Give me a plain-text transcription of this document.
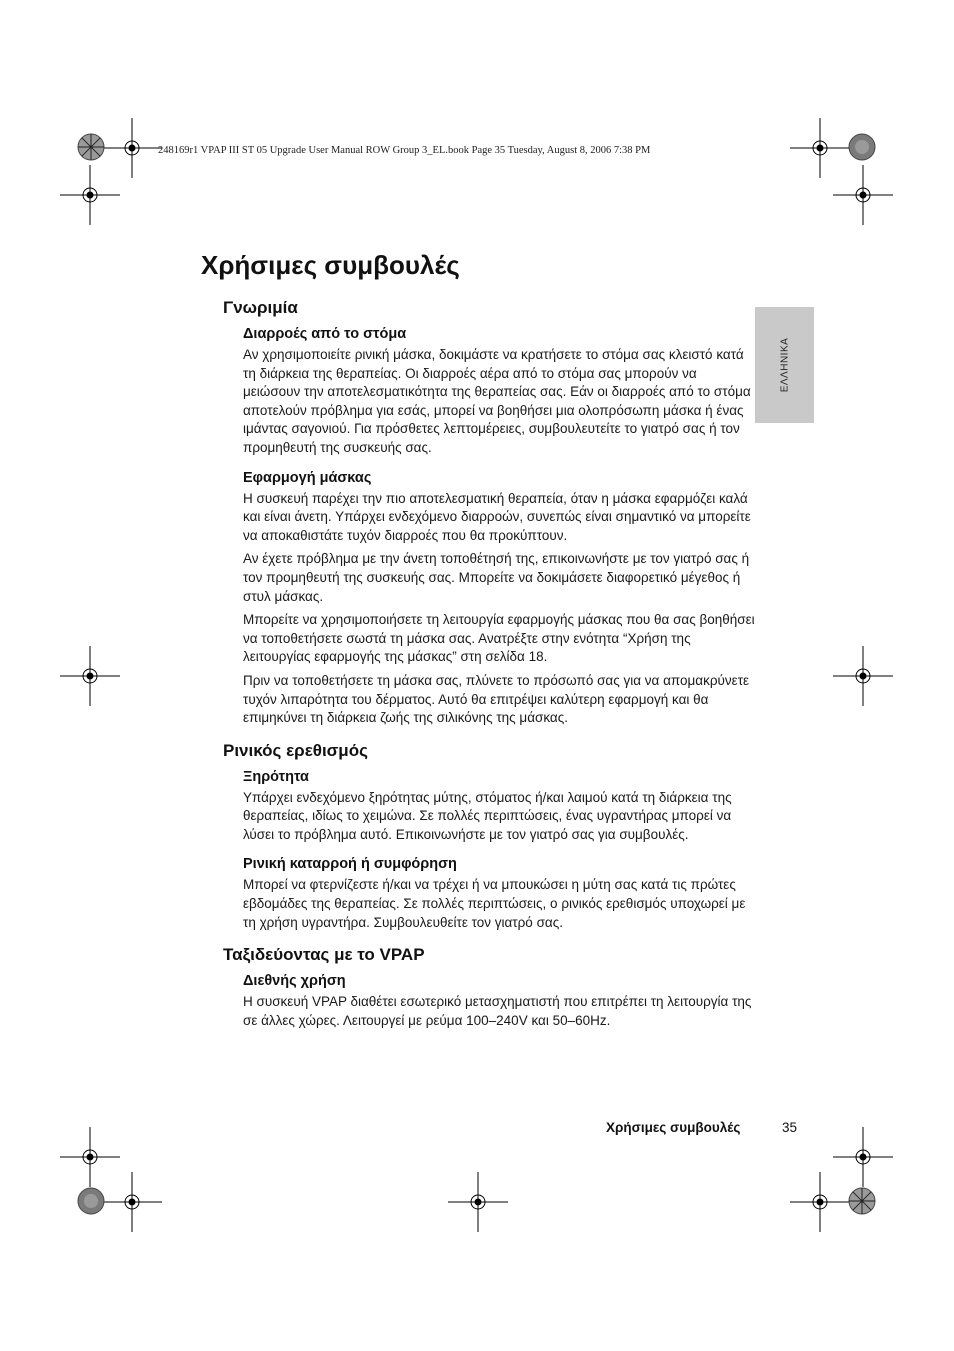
248169r1 VPAP III ST 05 Upgrade User Manual ROW Group 3_EL.book Page 35 Tuesday, August 8, 2006 7:38 PM
ΕΛΛΗΝΙΚΑ
Χρήσιμες συμβουλές
Γνωριμία
Διαρροές από το στόμα

Αν χρησιμοποιείτε ρινική μάσκα, δοκιμάστε να κρατήσετε το στόμα σας κλειστό κατά τη διάρκεια της θεραπείας. Οι διαρροές αέρα από το στόμα σας μπορούν να μειώσουν την αποτελεσματικότητα της θεραπείας σας. Εάν οι διαρροές από το στόμα αποτελούν πρόβλημα για εσάς, μπορεί να βοηθήσει μια ολοπρόσωπη μάσκα ή ένας ιμάντας σαγονιού. Για πρόσθετες λεπτομέρειες, συμβουλευτείτε το γιατρό σας ή τον προμηθευτή της συσκευής σας.

Εφαρμογή μάσκας

Η συσκευή παρέχει την πιο αποτελεσματική θεραπεία, όταν η μάσκα εφαρμόζει καλά και είναι άνετη. Υπάρχει ενδεχόμενο διαρροών, συνεπώς είναι σημαντικό να μπορείτε να αποκαθιστάτε τυχόν διαρροές που θα προκύπτουν.

Αν έχετε πρόβλημα με την άνετη τοποθέτησή της, επικοινωνήστε με τον γιατρό σας ή τον προμηθευτή της συσκευής σας. Μπορείτε να δοκιμάσετε διαφορετικό μέγεθος ή στυλ μάσκας.

Μπορείτε να χρησιμοποιήσετε τη λειτουργία εφαρμογής μάσκας που θα σας βοηθήσει να τοποθετήσετε σωστά τη μάσκα σας. Ανατρέξτε στην ενότητα “Χρήση της λειτουργίας εφαρμογής της μάσκας” στη σελίδα 18.

Πριν να τοποθετήσετε τη μάσκα σας, πλύνετε το πρόσωπό σας για να απομακρύνετε τυχόν λιπαρότητα του δέρματος. Αυτό θα επιτρέψει καλύτερη εφαρμογή και θα επιμηκύνει τη διάρκεια ζωής της σιλικόνης της μάσκας.

Ρινικός ερεθισμός
Ξηρότητα

Υπάρχει ενδεχόμενο ξηρότητας μύτης, στόματος ή/και λαιμού κατά τη διάρκεια της θεραπείας, ιδίως το χειμώνα. Σε πολλές περιπτώσεις, ένας υγραντήρας μπορεί να λύσει το πρόβλημα αυτό. Επικοινωνήστε με τον γιατρό σας για συμβουλές.

Ρινική καταρροή ή συμφόρηση

Μπορεί να φτερνίζεστε ή/και να τρέχει ή να μπουκώσει η μύτη σας κατά τις πρώτες εβδομάδες της θεραπείας. Σε πολλές περιπτώσεις, ο ρινικός ερεθισμός υποχωρεί με τη χρήση υγραντήρα. Συμβουλευθείτε τον γιατρό σας.

Ταξιδεύοντας με το VPAP
Διεθνής χρήση

Η συσκευή VPAP διαθέτει εσωτερικό μετασχηματιστή που επιτρέπει τη λειτουργία της σε άλλες χώρες. Λειτουργεί με ρεύμα 100–240V και 50–60Hz.

Χρήσιμες συμβουλές	35
